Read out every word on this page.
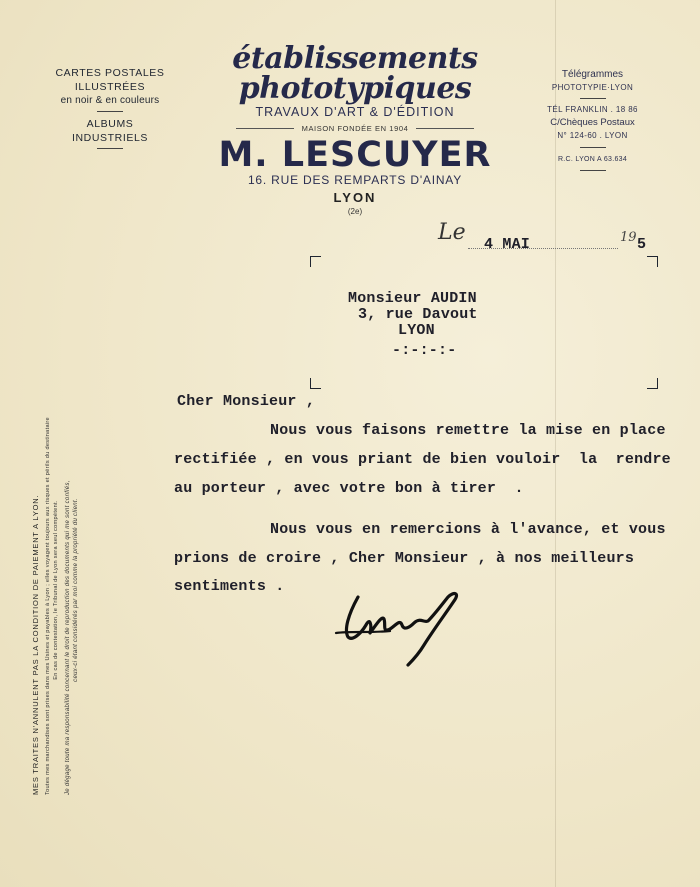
CARTES POSTALES
ILLUSTRÉES
en noir & en couleurs
ALBUMS
INDUSTRIELS
établissements
phototypiques
TRAVAUX D'ART & D'ÉDITION
MAISON FONDÉE EN 1904
M. LESCUYER
16. RUE DES REMPARTS D'AINAY
LYON
(2e)
Télégrammes
PHOTOTYPIE·LYON
TÉL FRANKLIN . 18 86
C/Chèques Postaux
N° 124-60 . LYON
R.C. LYON A 63.634
Le 4 MAI	19 5
Monsieur AUDIN
3, rue Davout
LYON
-:-:-:-
Cher Monsieur ,
Nous vous faisons remettre la mise en place
rectifiée , en vous priant de bien vouloir  la  rendre
au porteur , avec votre bon à tirer  .
Nous vous en remercions à l'avance, et vous
prions de croire , Cher Monsieur , à nos meilleurs
sentiments .
MES TRAITES N'ANNULENT PAS LA CONDITION DE PAIEMENT A LYON. Toutes mes marchandises sont prises dans mes Usines et payables à Lyon ; elles voyagent toujours aux risques et périls du destinataire En cas de contestation, le Tribunal de Lyon sera seul compétent. Je dégage toute ma responsabilité concernant le droit de reproduction des documents qui me sont confiés, ceux-ci étant considérés par moi comme la propriété du client.
